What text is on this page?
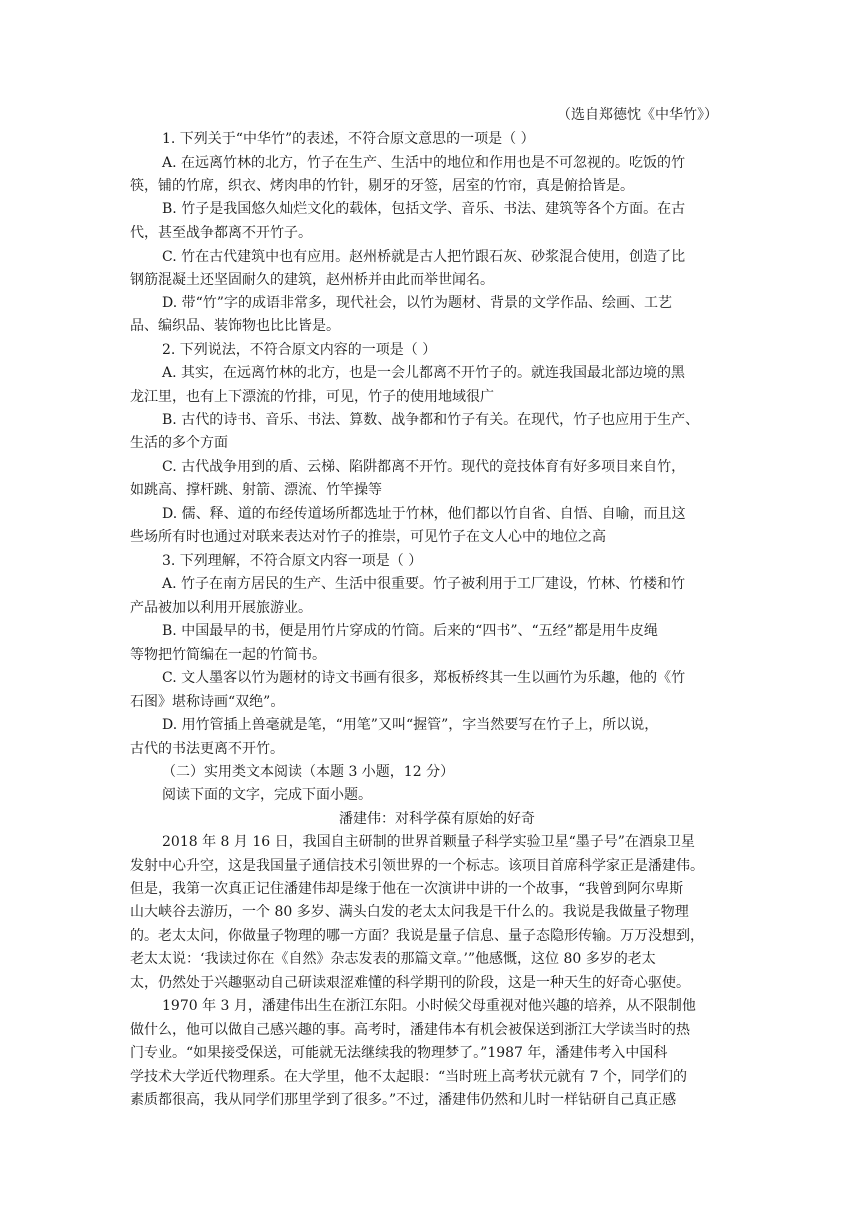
（选自郑德忱《中华竹》）
1. 下列关于“中华竹”的表述，不符合原文意思的一项是（ ）
A. 在远离竹林的北方，竹子在生产、生活中的地位和作用也是不可忽视的。吃饭的竹
筷，铺的竹席，织衣、烤肉串的竹针，剔牙的牙签，居室的竹帘，真是俯拾皆是。
B. 竹子是我国悠久灿烂文化的载体，包括文学、音乐、书法、建筑等各个方面。在古
代，甚至战争都离不开竹子。
C. 竹在古代建筑中也有应用。赵州桥就是古人把竹跟石灰、砂浆混合使用，创造了比
钢筋混凝土还坚固耐久的建筑，赵州桥并由此而举世闻名。
D. 带“竹”字的成语非常多，现代社会，以竹为题材、背景的文学作品、绘画、工艺
品、编织品、装饰物也比比皆是。
2. 下列说法，不符合原文内容的一项是（ ）
A. 其实，在远离竹林的北方，也是一会儿都离不开竹子的。就连我国最北部边境的黑
龙江里，也有上下漂流的竹排，可见，竹子的使用地域很广
B. 古代的诗书、音乐、书法、算数、战争都和竹子有关。在现代，竹子也应用于生产、
生活的多个方面
C. 古代战争用到的盾、云梯、陷阱都离不开竹。现代的竞技体育有好多项目来自竹，
如跳高、撑杆跳、射箭、漂流、竹竿操等
D. 儒、释、道的布经传道场所都选址于竹林，他们都以竹自省、自悟、自喻，而且这
些场所有时也通过对联来表达对竹子的推崇，可见竹子在文人心中的地位之高
3. 下列理解，不符合原文内容一项是（ ）
A. 竹子在南方居民的生产、生活中很重要。竹子被利用于工厂建设，竹林、竹楼和竹
产品被加以利用开展旅游业。
B. 中国最早的书，便是用竹片穿成的竹筒。后来的“四书”、“五经”都是用牛皮绳
等物把竹简编在一起的竹简书。
C. 文人墨客以竹为题材的诗文书画有很多，郑板桥终其一生以画竹为乐趣，他的《竹
石图》堪称诗画“双绝”。
D. 用竹管插上兽毫就是笔，“用笔”又叫“握管”，字当然要写在竹子上，所以说，
古代的书法更离不开竹。
（二）实用类文本阅读（本题 3 小题，12 分）
阅读下面的文字，完成下面小题。
潘建伟：对科学葆有原始的好奇
2018 年 8 月 16 日，我国自主研制的世界首颗量子科学实验卫星“墨子号”在酒泉卫星
发射中心升空，这是我国量子通信技术引领世界的一个标志。该项目首席科学家正是潘建伟。
但是，我第一次真正记住潘建伟却是缘于他在一次演讲中讲的一个故事，“我曾到阿尔卑斯
山大峡谷去游历，一个 80 多岁、满头白发的老太太问我是干什么的。我说是我做量子物理
的。老太太问，你做量子物理的哪一方面？我说是量子信息、量子态隐形传输。万万没想到，
老太太说：‘我读过你在《自然》杂志发表的那篇文章。’”他感慨，这位 80 多岁的老太
太，仍然处于兴趣驱动自己研读艰涩难懂的科学期刊的阶段，这是一种天生的好奇心驱使。
1970 年 3 月，潘建伟出生在浙江东阳。小时候父母重视对他兴趣的培养，从不限制他
做什么，他可以做自己感兴趣的事。高考时，潘建伟本有机会被保送到浙江大学读当时的热
门专业。“如果接受保送，可能就无法继续我的物理梦了。”1987 年，潘建伟考入中国科
学技术大学近代物理系。在大学里，他不太起眼：“当时班上高考状元就有 7 个，同学们的
素质都很高，我从同学们那里学到了很多。”不过，潘建伟仍然和儿时一样钻研自己真正感
